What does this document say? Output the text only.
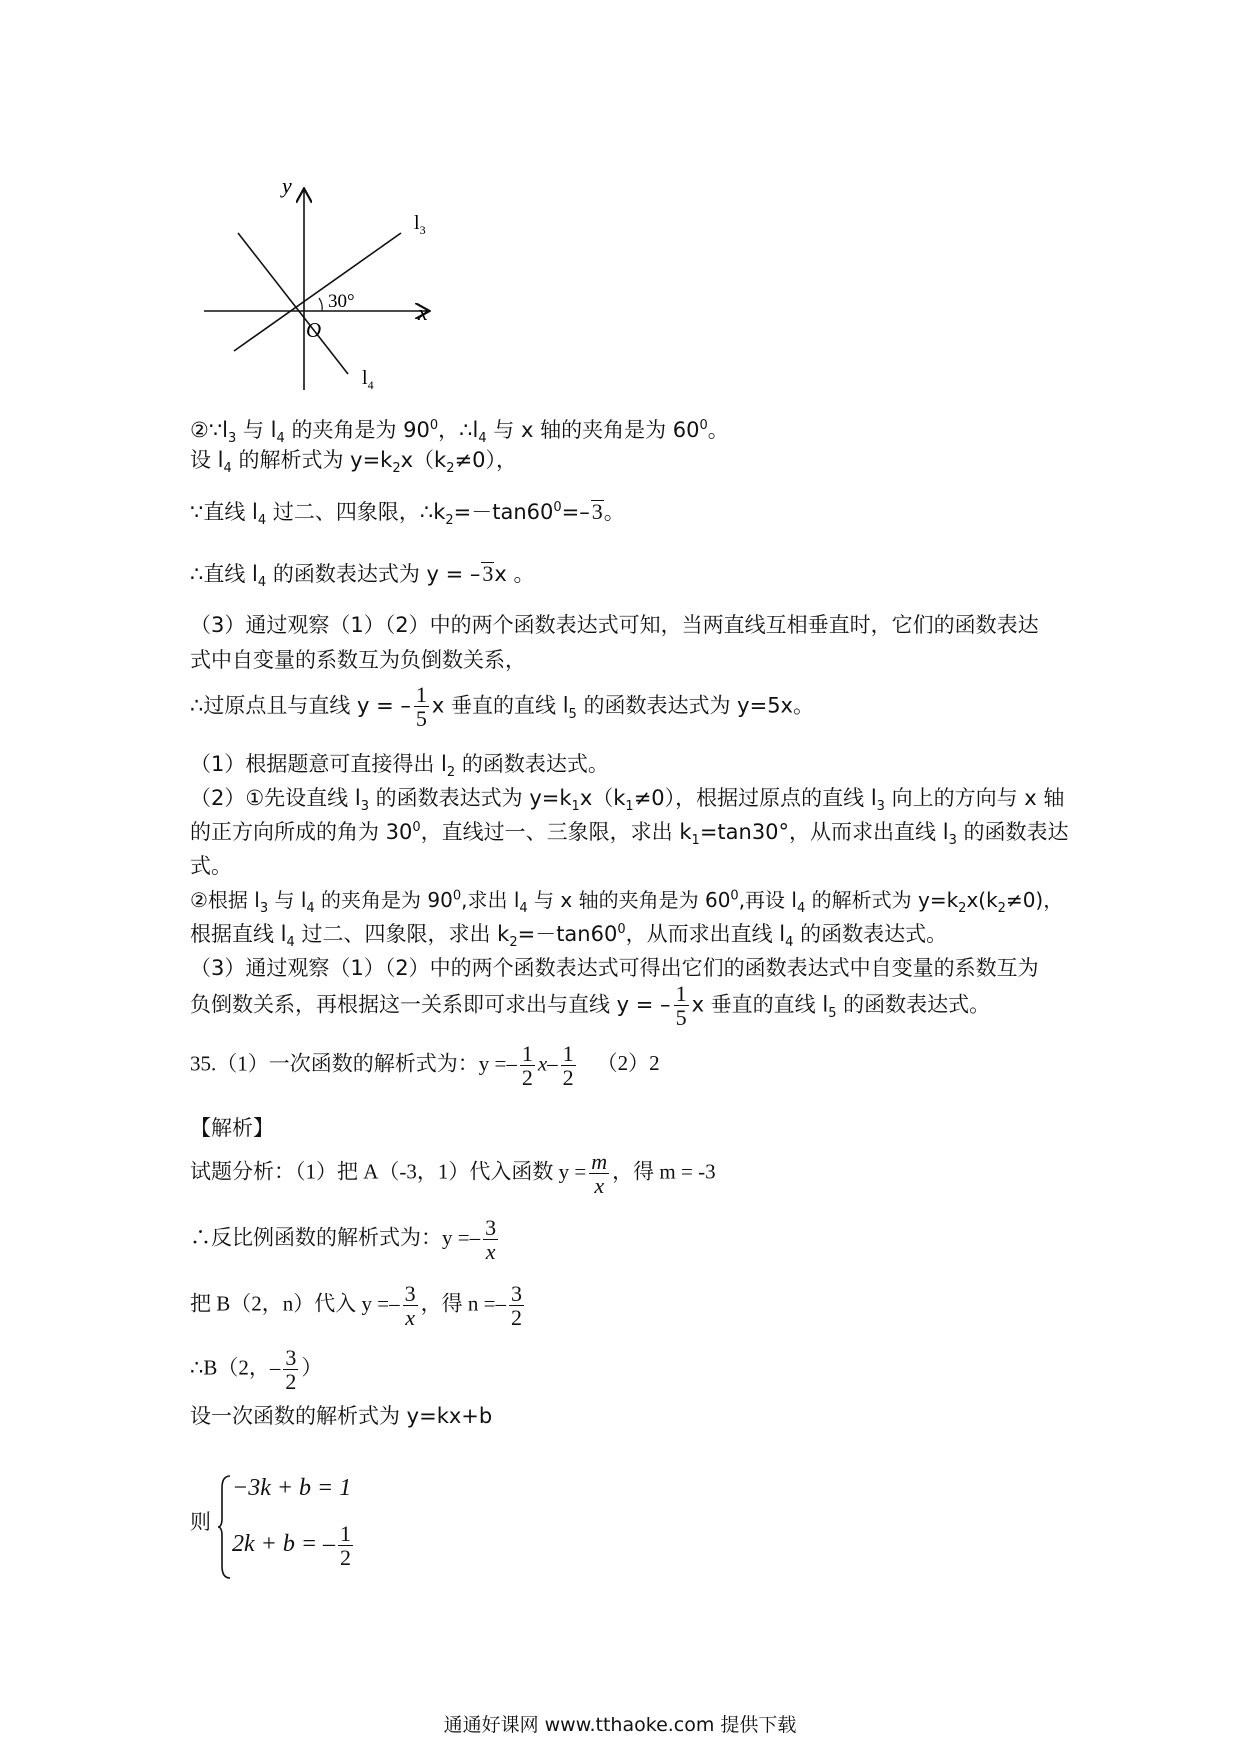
y
x
O
30°
$l_3$
$l_4$
$②\because l_3$ 与 $l_4$ 的夹角是为 $90^0$，$\therefore l_4$ 与 x 轴的夹角是为 $60^0$。
设 $l_4$ 的解析式为 $y=k_2x(k_2\ne 0)$，
∵直线 $l_4$ 过二、四象限，$\therefore k_2=-\tan 60^0=-3$。
∴直线 $l_4$ 的函数表达式为 y = –3x 。
（3）通过观察（1）（2）中的两个函数表达式可知，当两直线互相垂直时，它们的函数表达
式中自变量的系数互为负倒数关系，
∴过原点且与直线 y = – $\frac{1}{5}$ x 垂直的直线 $l_5$ 的函数表达式为 y=5x。
（1）根据题意可直接得出 $l_2$ 的函数表达式。
（2）①先设直线 $l_3$ 的函数表达式为 $y=k_1x(k_1\ne 0)$，根据过原点的直线 $l_3$ 向上的方向与 x 轴
的正方向所成的角为 $30^0$，直线过一、三象限，求出 $k_1=\tan 30^\circ$，从而求出直线 $l_3$ 的函数表达
式。
②根据 $l_3$ 与 $l_4$ 的夹角是为 $90^0$,求出 $l_4$ 与 x 轴的夹角是为 $60^0$,再设 $l_4$ 的解析式为 $y=k_2x(k_2\ne 0)$，
根据直线 $l_4$ 过二、四象限，求出 $k_2=-\tan 60^0$，从而求出直线 $l_4$ 的函数表达式。
（3）通过观察（1）（2）中的两个函数表达式可得出它们的函数表达式中自变量的系数互为
负倒数关系，再根据这一关系即可求出与直线 y = – $\frac{1}{5}$ x 垂直的直线 $l_5$ 的函数表达式。
35.（1）一次函数的解析式为：$y =- \frac{1}{2} x- \frac{1}{2} (2)2$
【解析】
试题分析：（1）把 A（-3，1）代入函数 $y = \frac{m}{x}$ ，得 m = -3
∴反比例函数的解析式为：$y =- \frac{3}{x}$
把 B（2，n）代入 $y =- \frac{3}{x}$ ，得 $n =- \frac{3}{2}$
∴B（2，– $\frac{3}{2}$ ）
设一次函数的解析式为 y=kx+b
则
−3k + b = 1
2k + b = – $\frac{1}{2}$
通通好课网 www.tthaoke.com 提供下载
